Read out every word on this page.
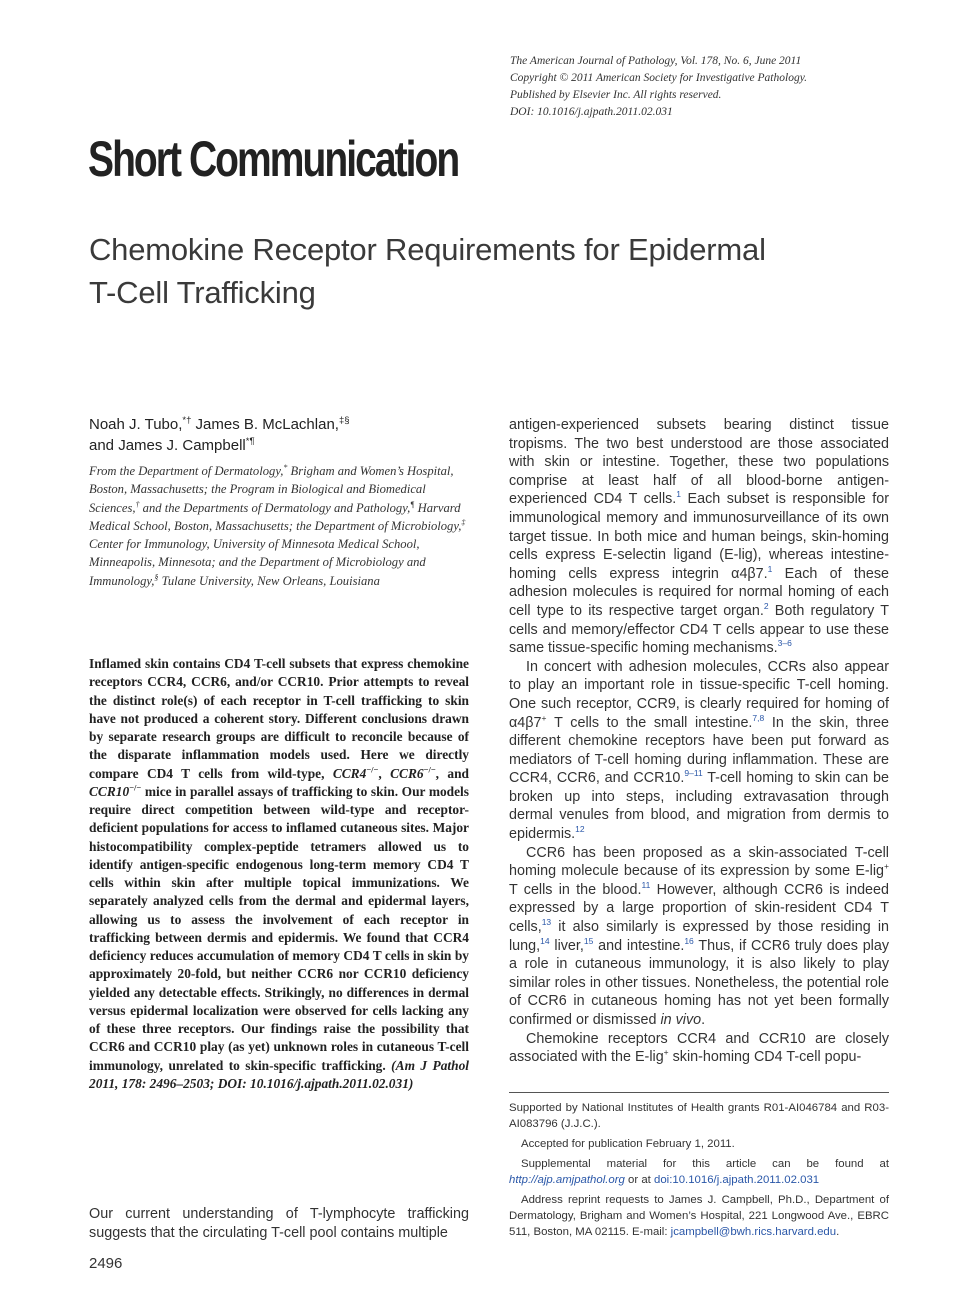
The American Journal of Pathology, Vol. 178, No. 6, June 2011
Copyright © 2011 American Society for Investigative Pathology.
Published by Elsevier Inc. All rights reserved.
DOI: 10.1016/j.ajpath.2011.02.031
Short Communication
Chemokine Receptor Requirements for Epidermal
T-Cell Trafficking
Noah J. Tubo,*† James B. McLachlan,‡§
and James J. Campbell*¶
From the Department of Dermatology,* Brigham and Women’s Hospital, Boston, Massachusetts; the Program in Biological and Biomedical Sciences,† and the Departments of Dermatology and Pathology,¶ Harvard Medical School, Boston, Massachusetts; the Department of Microbiology,‡ Center for Immunology, University of Minnesota Medical School, Minneapolis, Minnesota; and the Department of Microbiology and Immunology,§ Tulane University, New Orleans, Louisiana
Inflamed skin contains CD4 T-cell subsets that express chemokine receptors CCR4, CCR6, and/or CCR10. Prior attempts to reveal the distinct role(s) of each receptor in T-cell trafficking to skin have not produced a coherent story. Different conclusions drawn by separate research groups are difficult to reconcile because of the disparate inflammation models used. Here we directly compare CD4 T cells from wild-type, CCR4−/−, CCR6−/−, and CCR10−/− mice in parallel assays of trafficking to skin. Our models require direct competition between wild-type and receptor-deficient populations for access to inflamed cutaneous sites. Major histocompatibility complex-peptide tetramers allowed us to identify antigen-specific endogenous long-term memory CD4 T cells within skin after multiple topical immunizations. We separately analyzed cells from the dermal and epidermal layers, allowing us to assess the involvement of each receptor in trafficking between dermis and epidermis. We found that CCR4 deficiency reduces accumulation of memory CD4 T cells in skin by approximately 20-fold, but neither CCR6 nor CCR10 deficiency yielded any detectable effects. Strikingly, no differences in dermal versus epidermal localization were observed for cells lacking any of these three receptors. Our findings raise the possibility that CCR6 and CCR10 play (as yet) unknown roles in cutaneous T-cell immunology, unrelated to skin-specific trafficking. (Am J Pathol 2011, 178: 2496–2503; DOI: 10.1016/j.ajpath.2011.02.031)
Our current understanding of T-lymphocyte trafficking suggests that the circulating T-cell pool contains multiple
2496

antigen-experienced subsets bearing distinct tissue tropisms. The two best understood are those associated with skin or intestine. Together, these two populations comprise at least half of all blood-borne antigen-experienced CD4 T cells.$^1$ Each subset is responsible for immunological memory and immunosurveillance of its own target tissue. In both mice and human beings, skin-homing cells express E-selectin ligand (E-lig), whereas intestine-homing cells express integrin α4β7.$^1$ Each of these adhesion molecules is required for normal homing of each cell type to its respective target organ.$^2$ Both regulatory T cells and memory/effector CD4 T cells appear to use these same tissue-specific homing mechanisms.$^{3-6}$

In concert with adhesion molecules, CCRs also appear to play an important role in tissue-specific T-cell homing. One such receptor, CCR9, is clearly required for homing of α4β7+ T cells to the small intestine.$^{7,8}$ In the skin, three different chemokine receptors have been put forward as mediators of T-cell homing during inflammation. These are CCR4, CCR6, and CCR10.$^{9-11}$ T-cell homing to skin can be broken up into steps, including extravasation through dermal venules from blood, and migration from dermis to epidermis.$^{12}$

CCR6 has been proposed as a skin-associated T-cell homing molecule because of its expression by some E-lig+ T cells in the blood.$^{11}$ However, although CCR6 is indeed expressed by a large proportion of skin-resident CD4 T cells,$^{13}$ it also similarly is expressed by those residing in lung,$^{14}$ liver,$^{15}$ and intestine.$^{16}$ Thus, if CCR6 truly does play a role in cutaneous immunology, it is also likely to play similar roles in other tissues. Nonetheless, the potential role of CCR6 in cutaneous homing has not yet been formally confirmed or dismissed in vivo.

Chemokine receptors CCR4 and CCR10 are closely associated with the E-lig+ skin-homing CD4 T-cell popu-

Supported by National Institutes of Health grants R01-AI046784 and R03-AI083796 (J.J.C.).

Accepted for publication February 1, 2011.

Supplemental material for this article can be found at http://ajp.amjpathol.org or at doi:10.1016/j.ajpath.2011.02.031

Address reprint requests to James J. Campbell, Ph.D., Department of Dermatology, Brigham and Women’s Hospital, 221 Longwood Ave., EBRC 511, Boston, MA 02115. E-mail: jcampbell@bwh.rics.harvard.edu.
